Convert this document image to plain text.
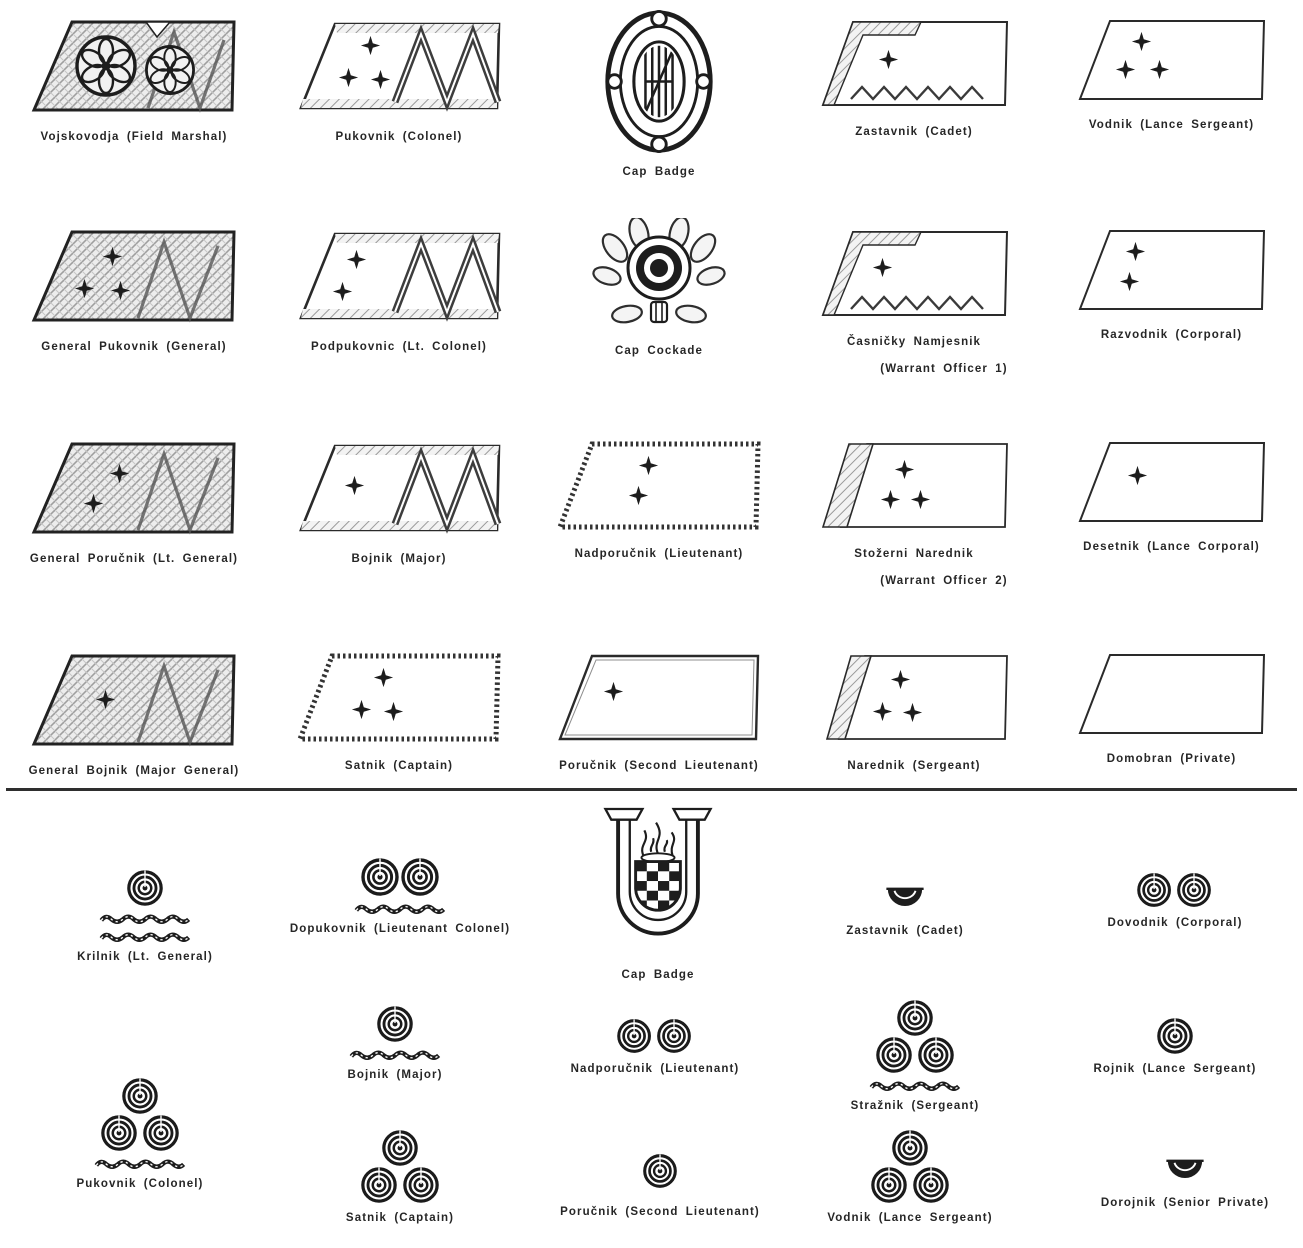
Vojskovodja (Field Marshal)	Pukovnik (Colonel)
Cap Badge
Zastavnik (Cadet)
Vodnik (Lance Sergeant)
General Pukovnik (General)	Podpukovnic (Lt. Colonel)	Cap Cockade
Časničky Namjesnik
(Warrant Officer 1)
Razvodnik (Corporal)
General Poručnik (Lt. General)	Bojnik (Major)	Nadporučnik (Lieutenant)	Stožerni Narednik
(Warrant Officer 2)
Desetnik (Lance Corporal)
General Bojnik (Major General)	Satnik (Captain)	Poručnik (Second Lieutenant)	Narednik (Sergeant)
Domobran (Private)
Krilnik (Lt. General)
Dopukovnik (Lieutenant Colonel)
Cap Badge
Zastavnik (Cadet)
Dovodnik (Corporal)
Pukovnik (Colonel)
Bojnik (Major)	Nadporučnik (Lieutenant)
Stražnik (Sergeant)
Rojnik (Lance Sergeant)
Satnik (Captain)	Poručnik (Second Lieutenant)	Vodnik (Lance Sergeant)
Dorojnik (Senior Private)
